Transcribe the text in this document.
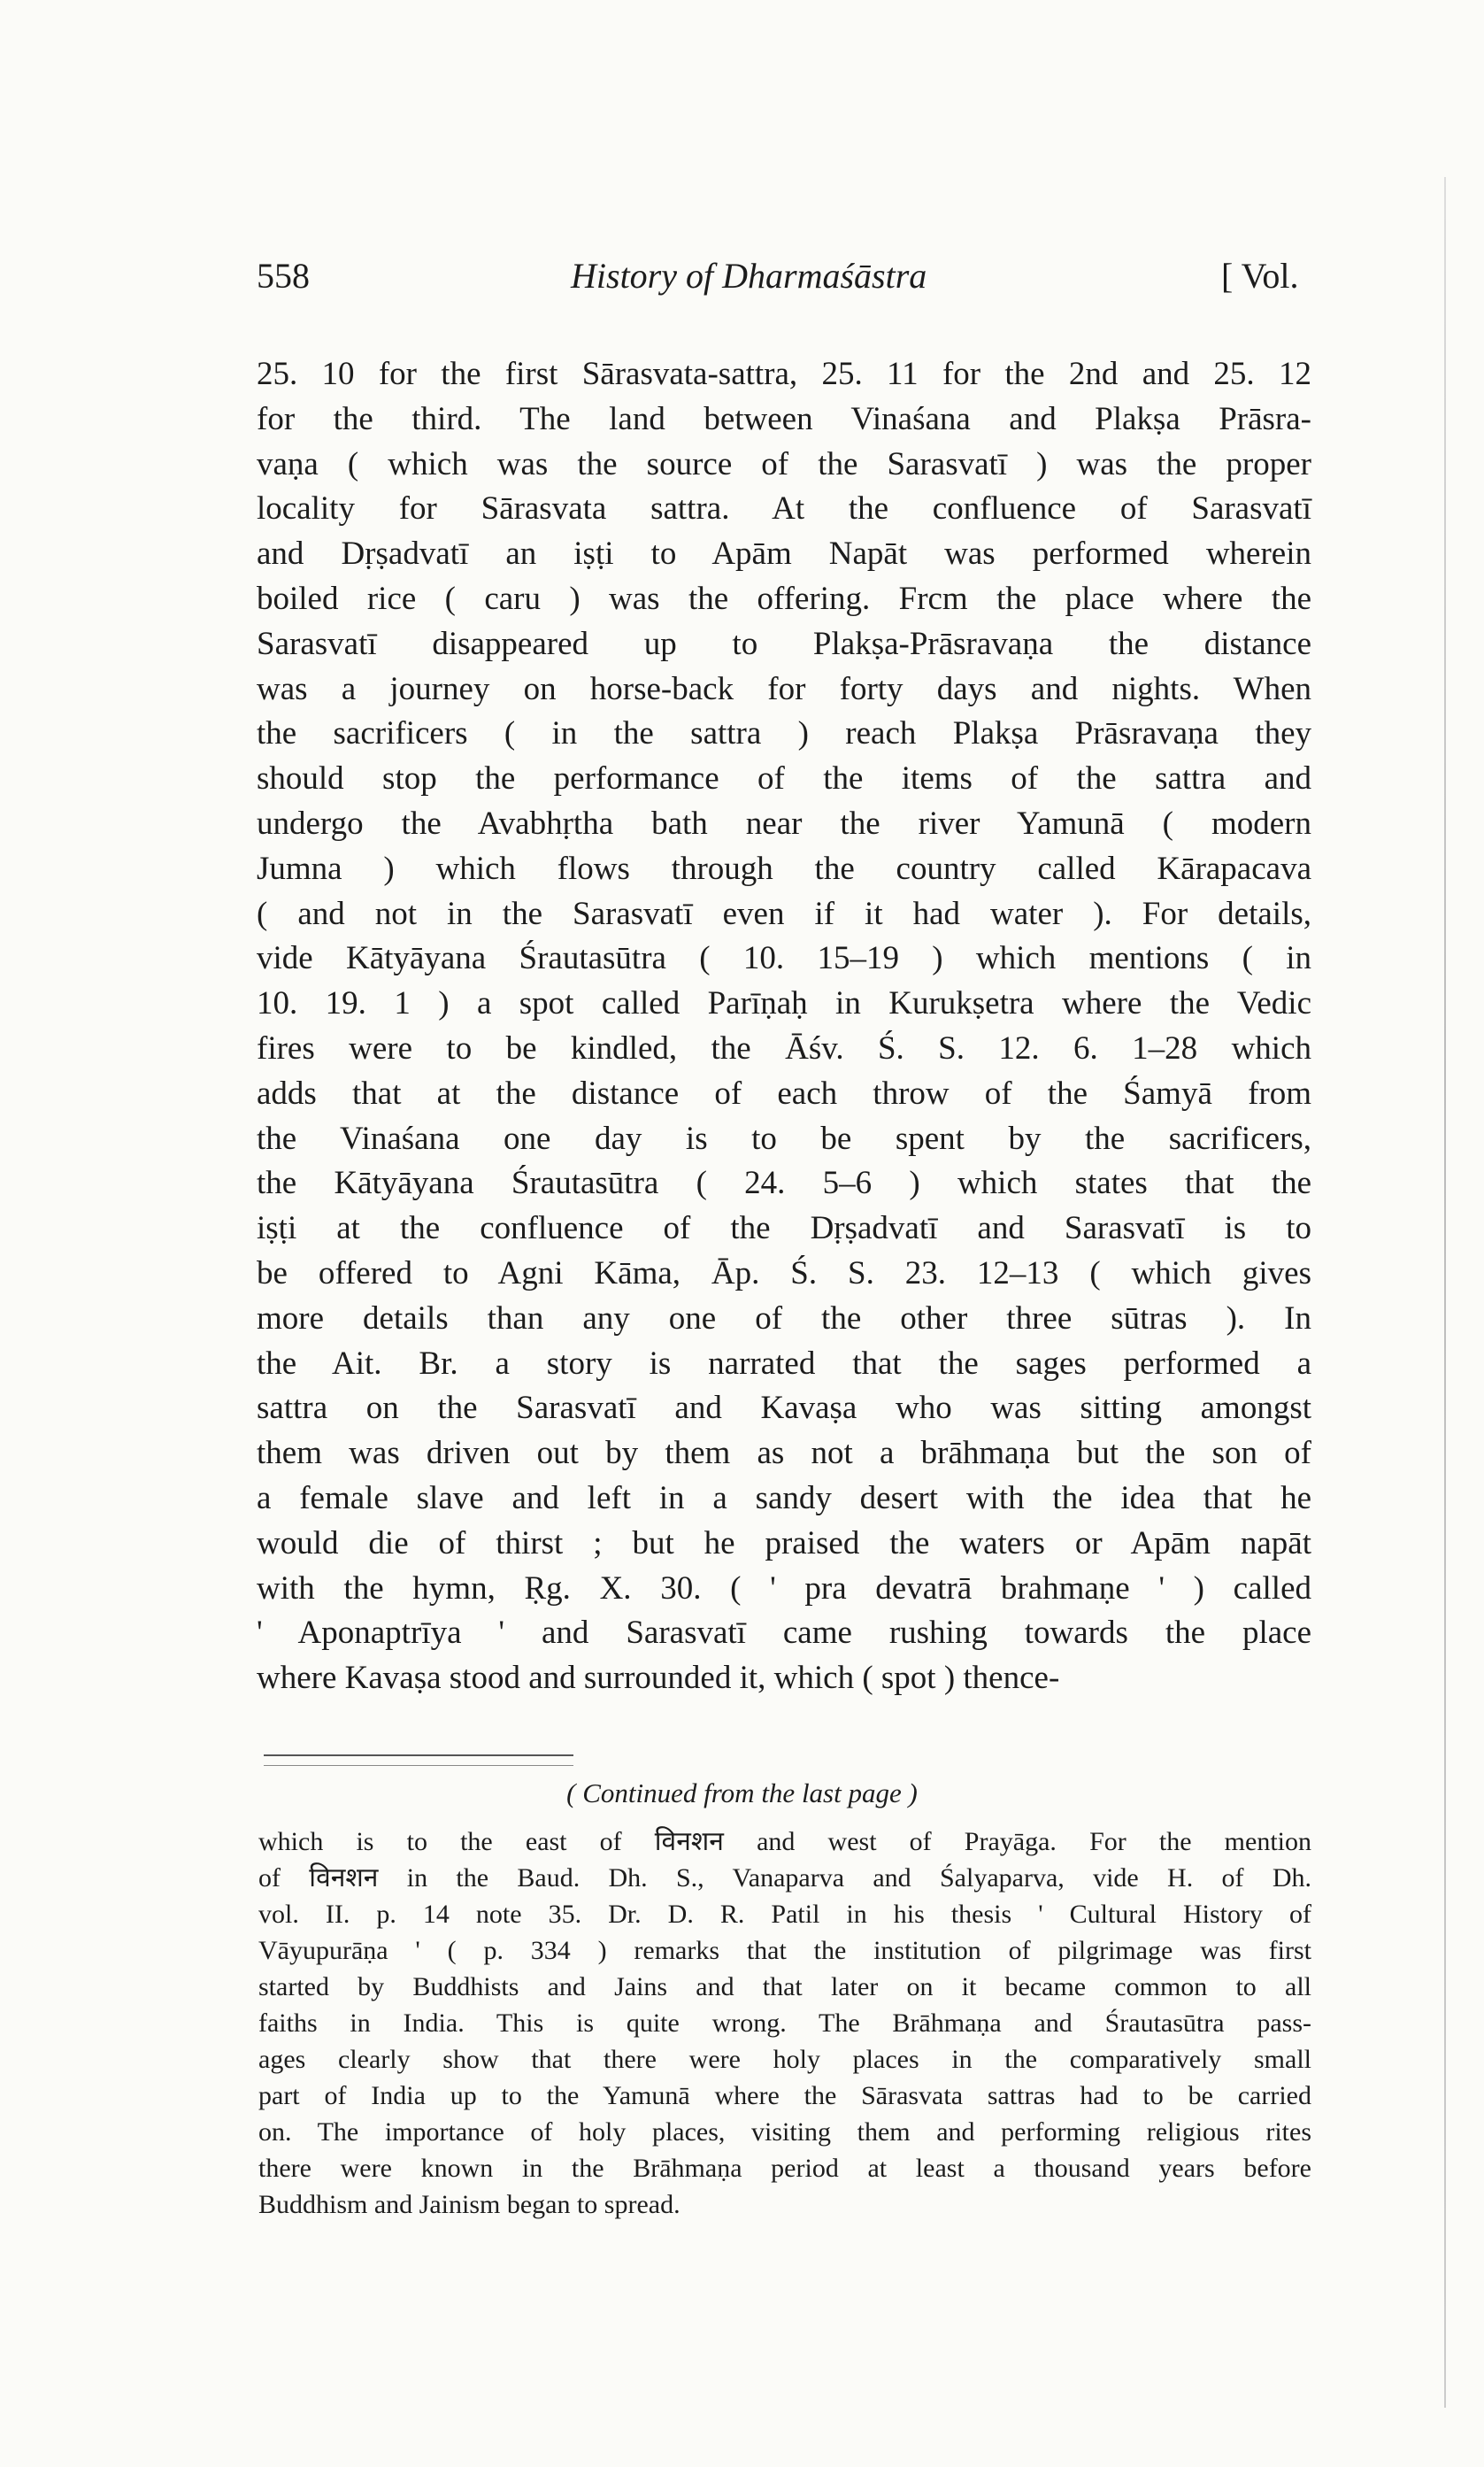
558	History of Dharmaśāstra	[ Vol.
25. 10 for the first Sārasvata-sattra, 25. 11 for the 2nd and 25. 12
for the third. The land between Vinaśana and Plakṣa Prāsra-
vaṇa ( which was the source of the Sarasvatī ) was the proper
locality for Sārasvata sattra. At the confluence of Sarasvatī
and Dṛṣadvatī an iṣṭi to Apām Napāt was performed wherein
boiled rice ( caru ) was the offering. Frcm the place where the
Sarasvatī disappeared up to Plakṣa-Prāsravaṇa the distance
was a journey on horse-back for forty days and nights. When
the sacrificers ( in the sattra ) reach Plakṣa Prāsravaṇa they
should stop the performance of the items of the sattra and
undergo the Avabhṛtha bath near the river Yamunā ( modern
Jumna ) which flows through the country called Kārapacava
( and not in the Sarasvatī even if it had water ). For details,
vide Kātyāyana Śrautasūtra ( 10. 15–19 ) which mentions ( in
10. 19. 1 ) a spot called Parīṇaḥ in Kurukṣetra where the Vedic
fires were to be kindled, the Āśv. Ś. S. 12. 6. 1–28 which
adds that at the distance of each throw of the Śamyā from
the Vinaśana one day is to be spent by the sacrificers,
the Kātyāyana Śrautasūtra ( 24. 5–6 ) which states that the
iṣṭi at the confluence of the Dṛṣadvatī and Sarasvatī is to
be offered to Agni Kāma, Āp. Ś. S. 23. 12–13 ( which gives
more details than any one of the other three sūtras ). In
the Ait. Br. a story is narrated that the sages performed a
sattra on the Sarasvatī and Kavaṣa who was sitting amongst
them was driven out by them as not a brāhmaṇa but the son of
a female slave and left in a sandy desert with the idea that he
would die of thirst ; but he praised the waters or Apām napāt
with the hymn, Ṛg. X. 30. ( ' pra devatrā brahmaṇe ' ) called
' Aponaptrīya ' and Sarasvatī came rushing towards the place
where Kavaṣa stood and surrounded it, which ( spot ) thence-
( Continued from the last page )
which is to the east of विनशन and west of Prayāga. For the mention
of विनशन in the Baud. Dh. S., Vanaparva and Śalyaparva, vide H. of Dh.
vol. II. p. 14 note 35. Dr. D. R. Patil in his thesis ' Cultural History of
Vāyupurāṇa ' ( p. 334 ) remarks that the institution of pilgrimage was first
started by Buddhists and Jains and that later on it became common to all
faiths in India. This is quite wrong. The Brāhmaṇa and Śrautasūtra pass-
ages clearly show that there were holy places in the comparatively small
part of India up to the Yamunā where the Sārasvata sattras had to be carried
on. The importance of holy places, visiting them and performing religious rites
there were known in the Brāhmaṇa period at least a thousand years before
Buddhism and Jainism began to spread.
